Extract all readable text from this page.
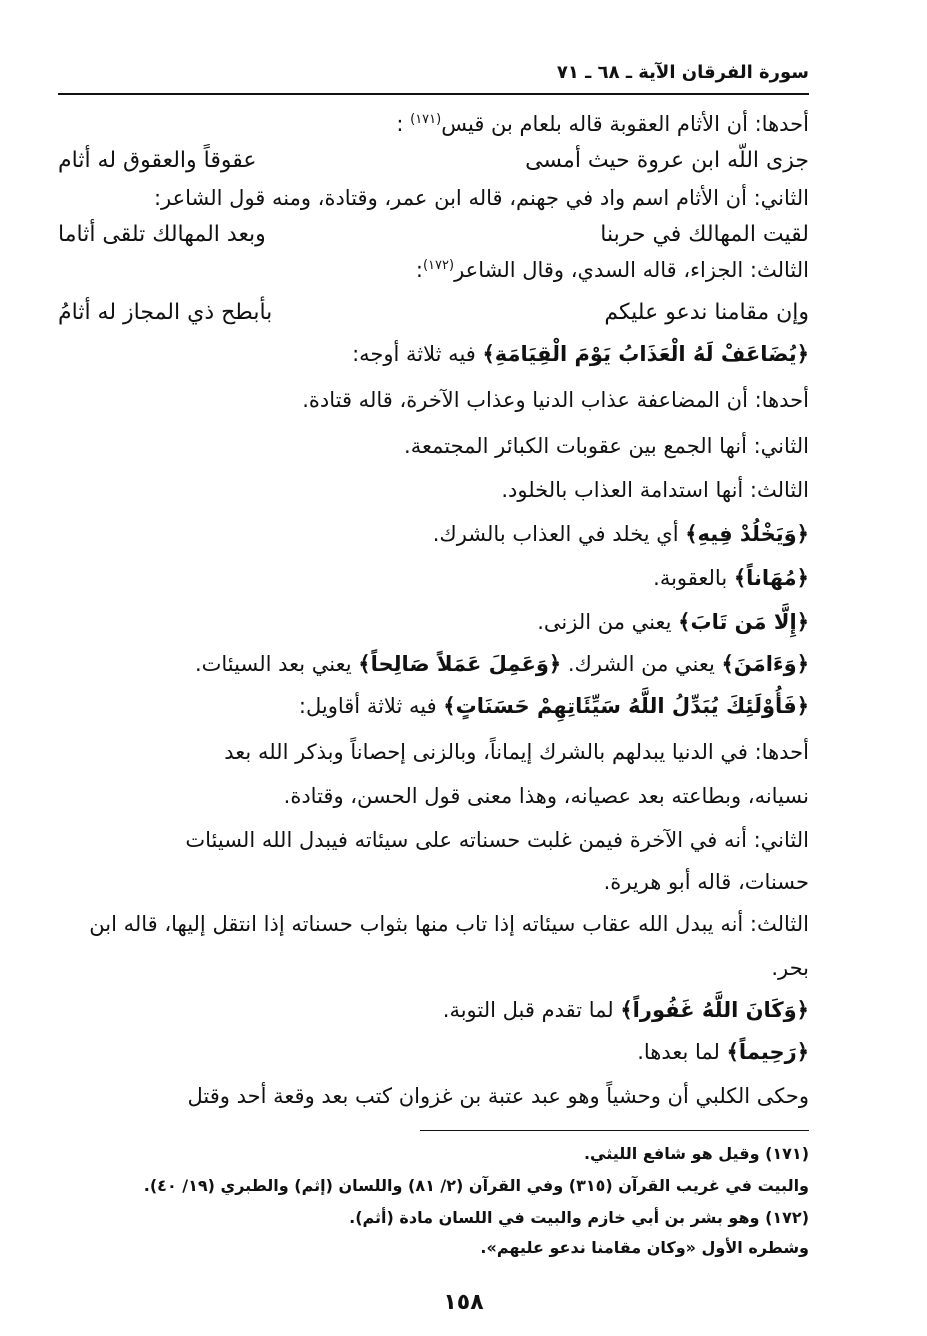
سورة الفرقان الآية ـ ٦٨ ـ ٧١
أحدها: أن الأثام العقوبة قاله بلعام بن قيس$^{(١٧١)}$ :
جزى اللّه ابن عروة حيث أمسى
عقوقاً والعقوق له أثام
الثاني: أن الأثام اسم واد في جهنم، قاله ابن عمر، وقتادة، ومنه قول الشاعر:
لقيت المهالك في حربنا
وبعد المهالك تلقى أثاما
الثالث: الجزاء، قاله السدي، وقال الشاعر$^{(١٧٢)}$:
وإن مقامنا ندعو عليكم
بأبطح ذي المجاز له أثامُ
﴿يُضَاعَفْ لَهُ الْعَذَابُ يَوْمَ الْقِيَامَةِ﴾ فيه ثلاثة أوجه:
أحدها: أن المضاعفة عذاب الدنيا وعذاب الآخرة، قاله قتادة.
الثاني: أنها الجمع بين عقوبات الكبائر المجتمعة.
الثالث: أنها استدامة العذاب بالخلود.
﴿وَيَخْلُدْ فِيهِ﴾ أي يخلد في العذاب بالشرك.
﴿مُهَاناً﴾ بالعقوبة.
﴿إِلَّا مَن تَابَ﴾ يعني من الزنى.
﴿وَءَامَنَ﴾ يعني من الشرك. ﴿وَعَمِلَ عَمَلاً صَالِحاً﴾ يعني بعد السيئات.
﴿فَأُوْلَئِكَ يُبَدِّلُ اللَّهُ سَيِّئَاتِهِمْ حَسَنَاتٍ﴾ فيه ثلاثة أقاويل:
أحدها: في الدنيا يبدلهم بالشرك إيماناً، وبالزنى إحصاناً وبذكر الله بعد
نسيانه، وبطاعته بعد عصيانه، وهذا معنى قول الحسن، وقتادة.
الثاني: أنه في الآخرة فيمن غلبت حسناته على سيئاته فيبدل الله السيئات
حسنات، قاله أبو هريرة.
الثالث: أنه يبدل الله عقاب سيئاته إذا تاب منها بثواب حسناته إذا انتقل إليها، قاله ابن
بحر.
﴿وَكَانَ اللَّهُ غَفُوراً﴾ لما تقدم قبل التوبة.
﴿رَحِيماً﴾ لما بعدها.
وحكى الكلبي أن وحشياً وهو عبد عتبة بن غزوان كتب بعد وقعة أحد وقتل
(١٧١) وقيل هو شافع الليثي.
والبيت في غريب القرآن (٣١٥) وفي القرآن (٢/ ٨١) واللسان (إثم) والطبري (١٩/ ٤٠).
(١٧٢) وهو بشر بن أبي خازم والبيت في اللسان مادة (أثم).
وشطره الأول «وكان مقامنا ندعو عليهم».
١٥٨
